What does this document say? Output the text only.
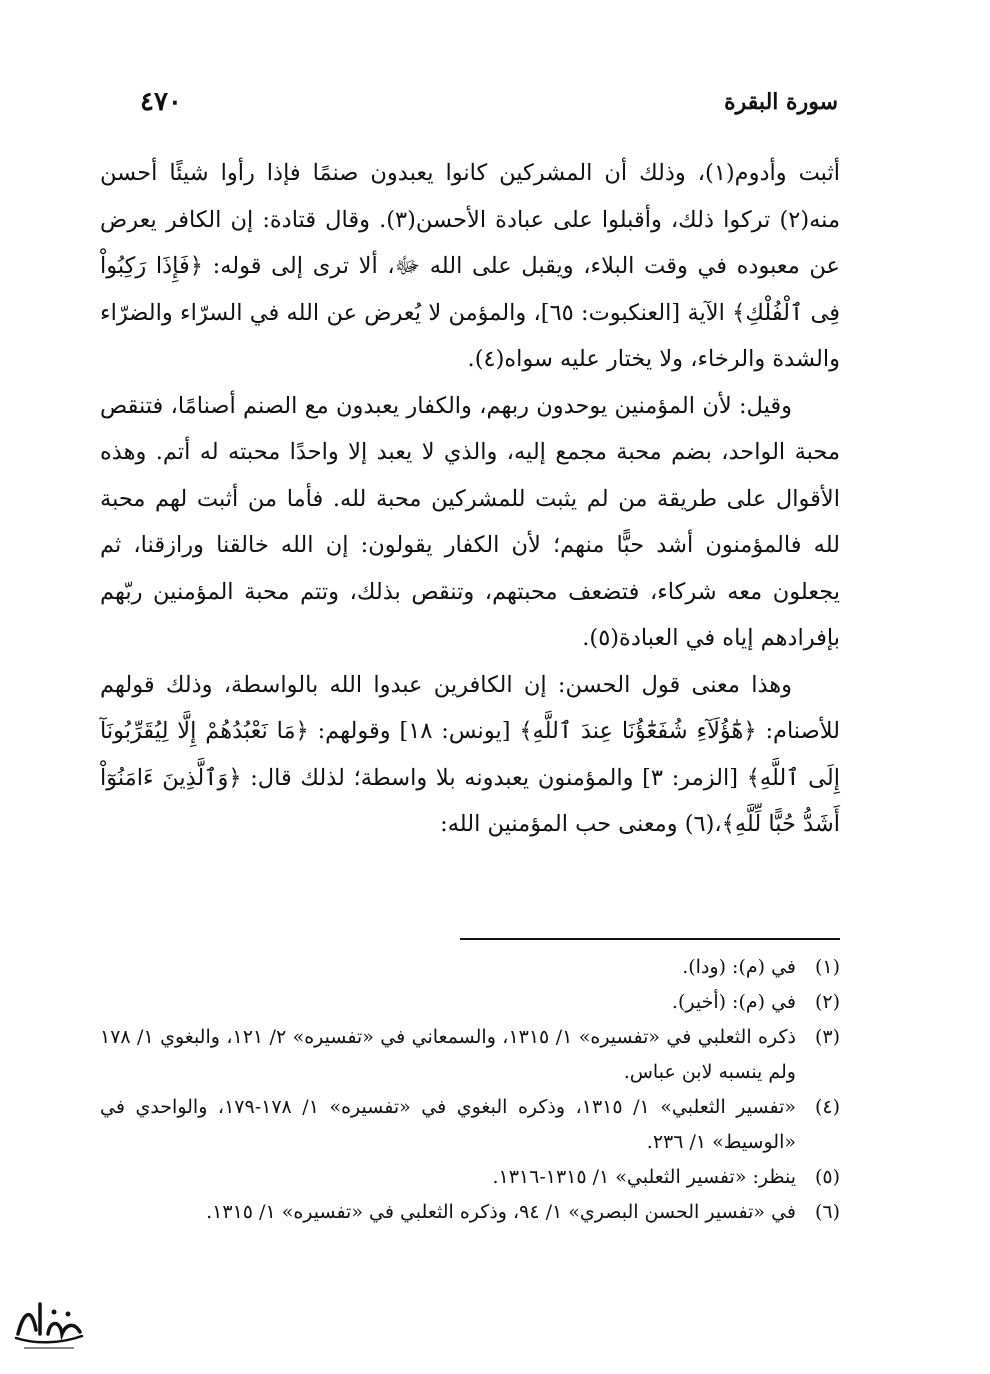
سورة البقرة
٤٧٠

أثبت وأدوم(١)، وذلك أن المشركين كانوا يعبدون صنمًا فإذا رأوا شيئًا أحسن منه(٢) تركوا ذلك، وأقبلوا على عبادة الأحسن(٣). وقال قتادة: إن الكافر يعرض عن معبوده في وقت البلاء، ويقبل على الله ﷻ، ألا ترى إلى قوله: ﴿فَإِذَا رَكِبُواْ فِى ٱلْفُلْكِ﴾ الآية [العنكبوت: ٦٥]، والمؤمن لا يُعرض عن الله في السرّاء والضرّاء والشدة والرخاء، ولا يختار عليه سواه(٤).

وقيل: لأن المؤمنين يوحدون ربهم، والكفار يعبدون مع الصنم أصنامًا، فتنقص محبة الواحد، بضم محبة مجمع إليه، والذي لا يعبد إلا واحدًا محبته له أتم. وهذه الأقوال على طريقة من لم يثبت للمشركين محبة لله. فأما من أثبت لهم محبة لله فالمؤمنون أشد حبًّا منهم؛ لأن الكفار يقولون: إن الله خالقنا ورازقنا، ثم يجعلون معه شركاء، فتضعف محبتهم، وتنقص بذلك، وتتم محبة المؤمنين ربّهم بإفرادهم إياه في العبادة(٥).

وهذا معنى قول الحسن: إن الكافرين عبدوا الله بالواسطة، وذلك قولهم للأصنام: ﴿هَٰٓؤُلَآءِ شُفَعَٰٓؤُنَا عِندَ ٱللَّهِ﴾ [يونس: ١٨] وقولهم: ﴿مَا نَعْبُدُهُمْ إِلَّا لِيُقَرِّبُونَآ إِلَى ٱللَّهِ﴾ [الزمر: ٣] والمؤمنون يعبدونه بلا واسطة؛ لذلك قال: ﴿وَٱلَّذِينَ ءَامَنُوٓاْ أَشَدُّ حُبًّا لِّلَّهِ﴾،(٦) ومعنى حب المؤمنين الله:

(١)
في (م): (ودا).
(٢)
في (م): (أخير).
(٣)
ذكره الثعلبي في «تفسيره» ١/ ١٣١٥، والسمعاني في «تفسيره» ٢/ ١٢١، والبغوي ١/ ١٧٨ ولم ينسبه لابن عباس.
(٤)
«تفسير الثعلبي» ١/ ١٣١٥، وذكره البغوي في «تفسيره» ١/ ١٧٨-١٧٩، والواحدي في «الوسيط» ١/ ٢٣٦.
(٥)
ينظر: «تفسير الثعلبي» ١/ ١٣١٥-١٣١٦.
(٦)
في «تفسير الحسن البصري» ١/ ٩٤، وذكره الثعلبي في «تفسيره» ١/ ١٣١٥.
